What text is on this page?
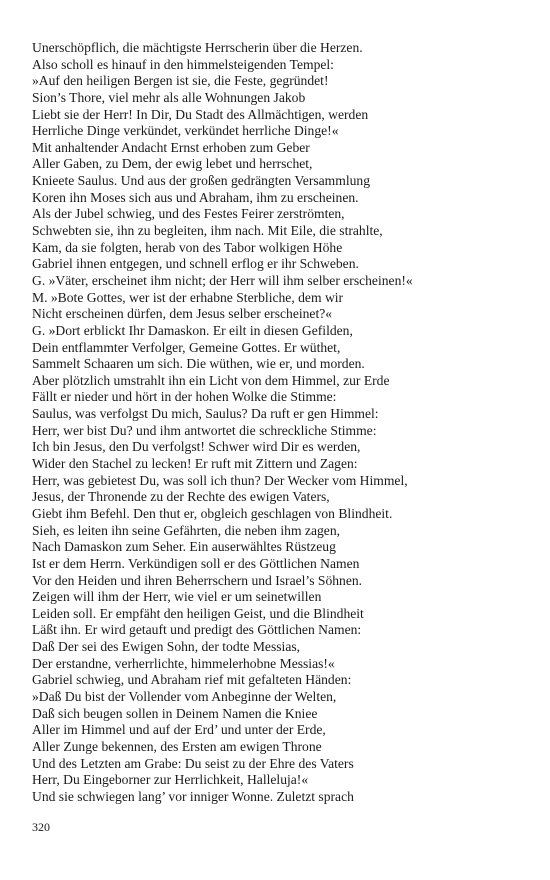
Unerschöpflich, die mächtigste Herrscherin über die Herzen.
Also scholl es hinauf in den himmelsteigenden Tempel:
»Auf den heiligen Bergen ist sie, die Feste, gegründet!
Sion’s Thore, viel mehr als alle Wohnungen Jakob
Liebt sie der Herr! In Dir, Du Stadt des Allmächtigen, werden
Herrliche Dinge verkündet, verkündet herrliche Dinge!«
Mit anhaltender Andacht Ernst erhoben zum Geber
Aller Gaben, zu Dem, der ewig lebet und herrschet,
Knieete Saulus. Und aus der großen gedrängten Versammlung
Koren ihn Moses sich aus und Abraham, ihm zu erscheinen.
Als der Jubel schwieg, und des Festes Feirer zerströmten,
Schwebten sie, ihn zu begleiten, ihm nach. Mit Eile, die strahlte,
Kam, da sie folgten, herab von des Tabor wolkigen Höhe
Gabriel ihnen entgegen, und schnell erflog er ihr Schweben.
G. »Väter, erscheinet ihm nicht; der Herr will ihm selber erscheinen!«
M. »Bote Gottes, wer ist der erhabne Sterbliche, dem wir
Nicht erscheinen dürfen, dem Jesus selber erscheinet?«
G. »Dort erblickt Ihr Damaskon. Er eilt in diesen Gefilden,
Dein entflammter Verfolger, Gemeine Gottes. Er wüthet,
Sammelt Schaaren um sich. Die wüthen, wie er, und morden.
Aber plötzlich umstrahlt ihn ein Licht von dem Himmel, zur Erde
Fällt er nieder und hört in der hohen Wolke die Stimme:
Saulus, was verfolgst Du mich, Saulus? Da ruft er gen Himmel:
Herr, wer bist Du? und ihm antwortet die schreckliche Stimme:
Ich bin Jesus, den Du verfolgst! Schwer wird Dir es werden,
Wider den Stachel zu lecken! Er ruft mit Zittern und Zagen:
Herr, was gebietest Du, was soll ich thun? Der Wecker vom Himmel,
Jesus, der Thronende zu der Rechte des ewigen Vaters,
Giebt ihm Befehl. Den thut er, obgleich geschlagen von Blindheit.
Sieh, es leiten ihn seine Gefährten, die neben ihm zagen,
Nach Damaskon zum Seher. Ein auserwähltes Rüstzeug
Ist er dem Herrn. Verkündigen soll er des Göttlichen Namen
Vor den Heiden und ihren Beherrschern und Israel’s Söhnen.
Zeigen will ihm der Herr, wie viel er um seinetwillen
Leiden soll. Er empfäht den heiligen Geist, und die Blindheit
Läßt ihn. Er wird getauft und predigt des Göttlichen Namen:
Daß Der sei des Ewigen Sohn, der todte Messias,
Der erstandne, verherrlichte, himmelerhobne Messias!«
Gabriel schwieg, und Abraham rief mit gefalteten Händen:
»Daß Du bist der Vollender vom Anbeginne der Welten,
Daß sich beugen sollen in Deinem Namen die Kniee
Aller im Himmel und auf der Erd’ und unter der Erde,
Aller Zunge bekennen, des Ersten am ewigen Throne
Und des Letzten am Grabe: Du seist zu der Ehre des Vaters
Herr, Du Eingeborner zur Herrlichkeit, Halleluja!«
Und sie schwiegen lang’ vor inniger Wonne. Zuletzt sprach
320
